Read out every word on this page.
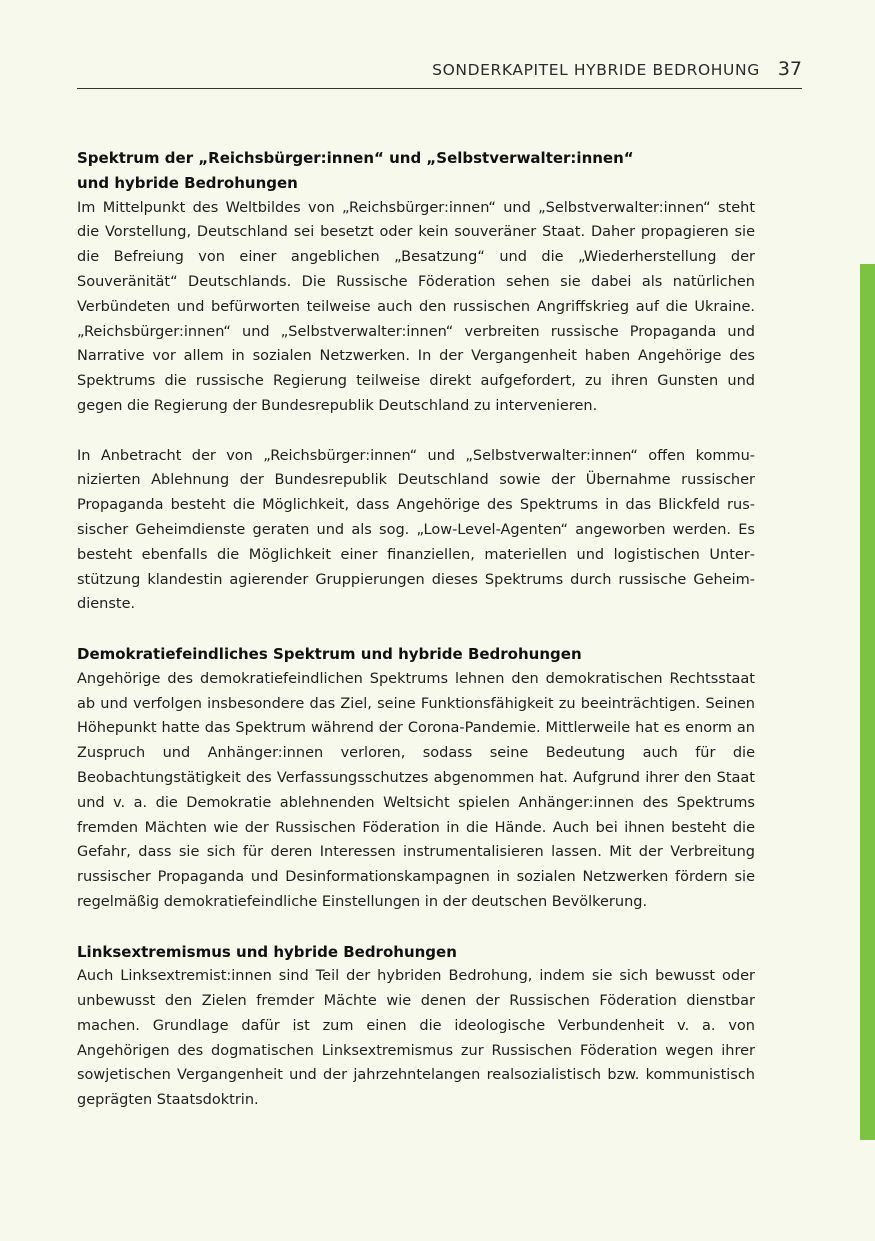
SONDERKAPITEL HYBRIDE BEDROHUNG 37
Spektrum der „Reichsbürger:innen“ und „Selbstverwalter:innen“
und hybride Bedrohungen

Im Mittelpunkt des Weltbildes von „Reichsbürger:innen“ und „Selbstverwalter:innen“ steht die Vorstellung, Deutschland sei besetzt oder kein souveräner Staat. Daher propagieren sie die Befreiung von einer angeblichen „Besatzung“ und die „Wiederherstellung der Souveränität“ Deutschlands. Die Russische Föderation sehen sie dabei als natürlichen Verbündeten und befürworten teilweise auch den russischen Angriffskrieg auf die Ukraine. „Reichsbürger:innen“ und „Selbstverwalter:innen“ verbreiten russische Propaganda und Narrative vor allem in sozialen Netzwerken. In der Vergangenheit haben Angehörige des Spektrums die russische Regierung teilweise direkt aufgefordert, zu ihren Gunsten und gegen die Regierung der Bundesrepublik Deutschland zu intervenieren.

In Anbetracht der von „Reichsbürger:innen“ und „Selbstverwalter:innen“ offen kommunizierten Ablehnung der Bundesrepublik Deutschland sowie der Übernahme russischer Propaganda besteht die Möglichkeit, dass Angehörige des Spektrums in das Blickfeld russischer Geheimdienste geraten und als sog. „Low-Level-Agenten“ angeworben werden. Es besteht ebenfalls die Möglichkeit einer finanziellen, materiellen und logistischen Unterstützung klandestin agierender Gruppierungen dieses Spektrums durch russische Geheimdienste.

Demokratiefeindliches Spektrum und hybride Bedrohungen

Angehörige des demokratiefeindlichen Spektrums lehnen den demokratischen Rechtsstaat ab und verfolgen insbesondere das Ziel, seine Funktionsfähigkeit zu beeinträchtigen. Seinen Höhepunkt hatte das Spektrum während der Corona-Pandemie. Mittlerweile hat es enorm an Zuspruch und Anhänger:innen verloren, sodass seine Bedeutung auch für die Beobachtungstätigkeit des Verfassungsschutzes abgenommen hat. Aufgrund ihrer den Staat und v. a. die Demokratie ablehnenden Weltsicht spielen Anhänger:innen des Spektrums fremden Mächten wie der Russischen Föderation in die Hände. Auch bei ihnen besteht die Gefahr, dass sie sich für deren Interessen instrumentalisieren lassen. Mit der Verbreitung russischer Propaganda und Desinformationskampagnen in sozialen Netzwerken fördern sie regelmäßig demokratiefeindliche Einstellungen in der deutschen Bevölkerung.

Linksextremismus und hybride Bedrohungen

Auch Linksextremist:innen sind Teil der hybriden Bedrohung, indem sie sich bewusst oder unbewusst den Zielen fremder Mächte wie denen der Russischen Föderation dienstbar machen. Grundlage dafür ist zum einen die ideologische Verbundenheit v. a. von Angehörigen des dogmatischen Linksextremismus zur Russischen Föderation wegen ihrer sowjetischen Vergangenheit und der jahrzehntelangen realsozialistisch bzw. kommunistisch geprägten Staatsdoktrin.
